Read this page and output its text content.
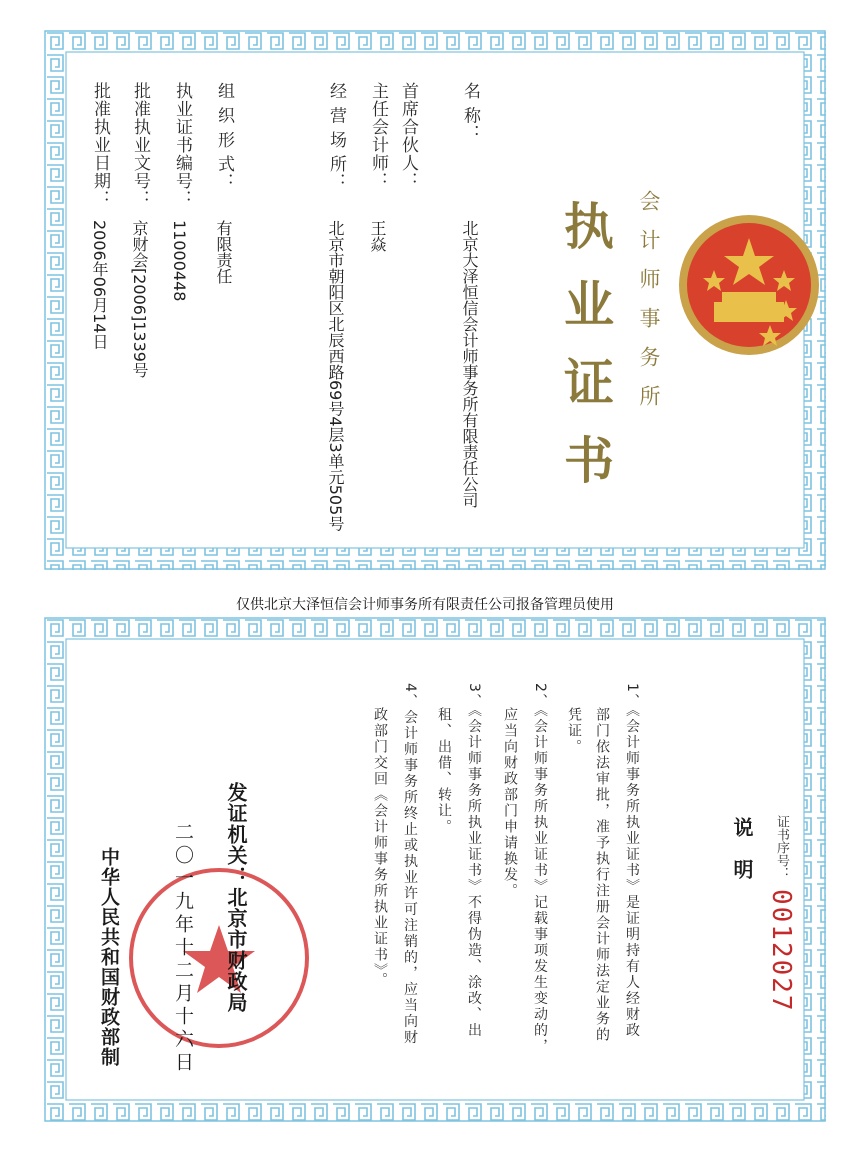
会计师事务所
执业证书
名 称：
北京大泽恒信会计师事务所有限责任公司
首席合伙人：
主任会计师：
王焱
经 营 场 所：
北京市朝阳区北辰西路69号4层3单元505号
组 织 形 式：
有限责任
执业证书编号：
11000448
批准执业文号：
京财会[2006]1339号
批准执业日期：
2006年06月14日
仅供北京大泽恒信会计师事务所有限责任公司报备管理员使用
证书序号：
0012027
说明
1、《会计师事务所执业证书》是证明持有人经财政
部门依法审批，准予执行注册会计师法定业务的
凭证。
2、《会计师事务所执业证书》记载事项发生变动的，
应当向财政部门申请换发。
3、《会计师事务所执业证书》不得伪造、涂改、出
租、出借、转让。
4、会计师事务所终止或执业许可注销的，应当向财
政部门交回《会计师事务所执业证书》。
发证机关：北京市财政局
二〇一九年十二月十六日
中华人民共和国财政部制
